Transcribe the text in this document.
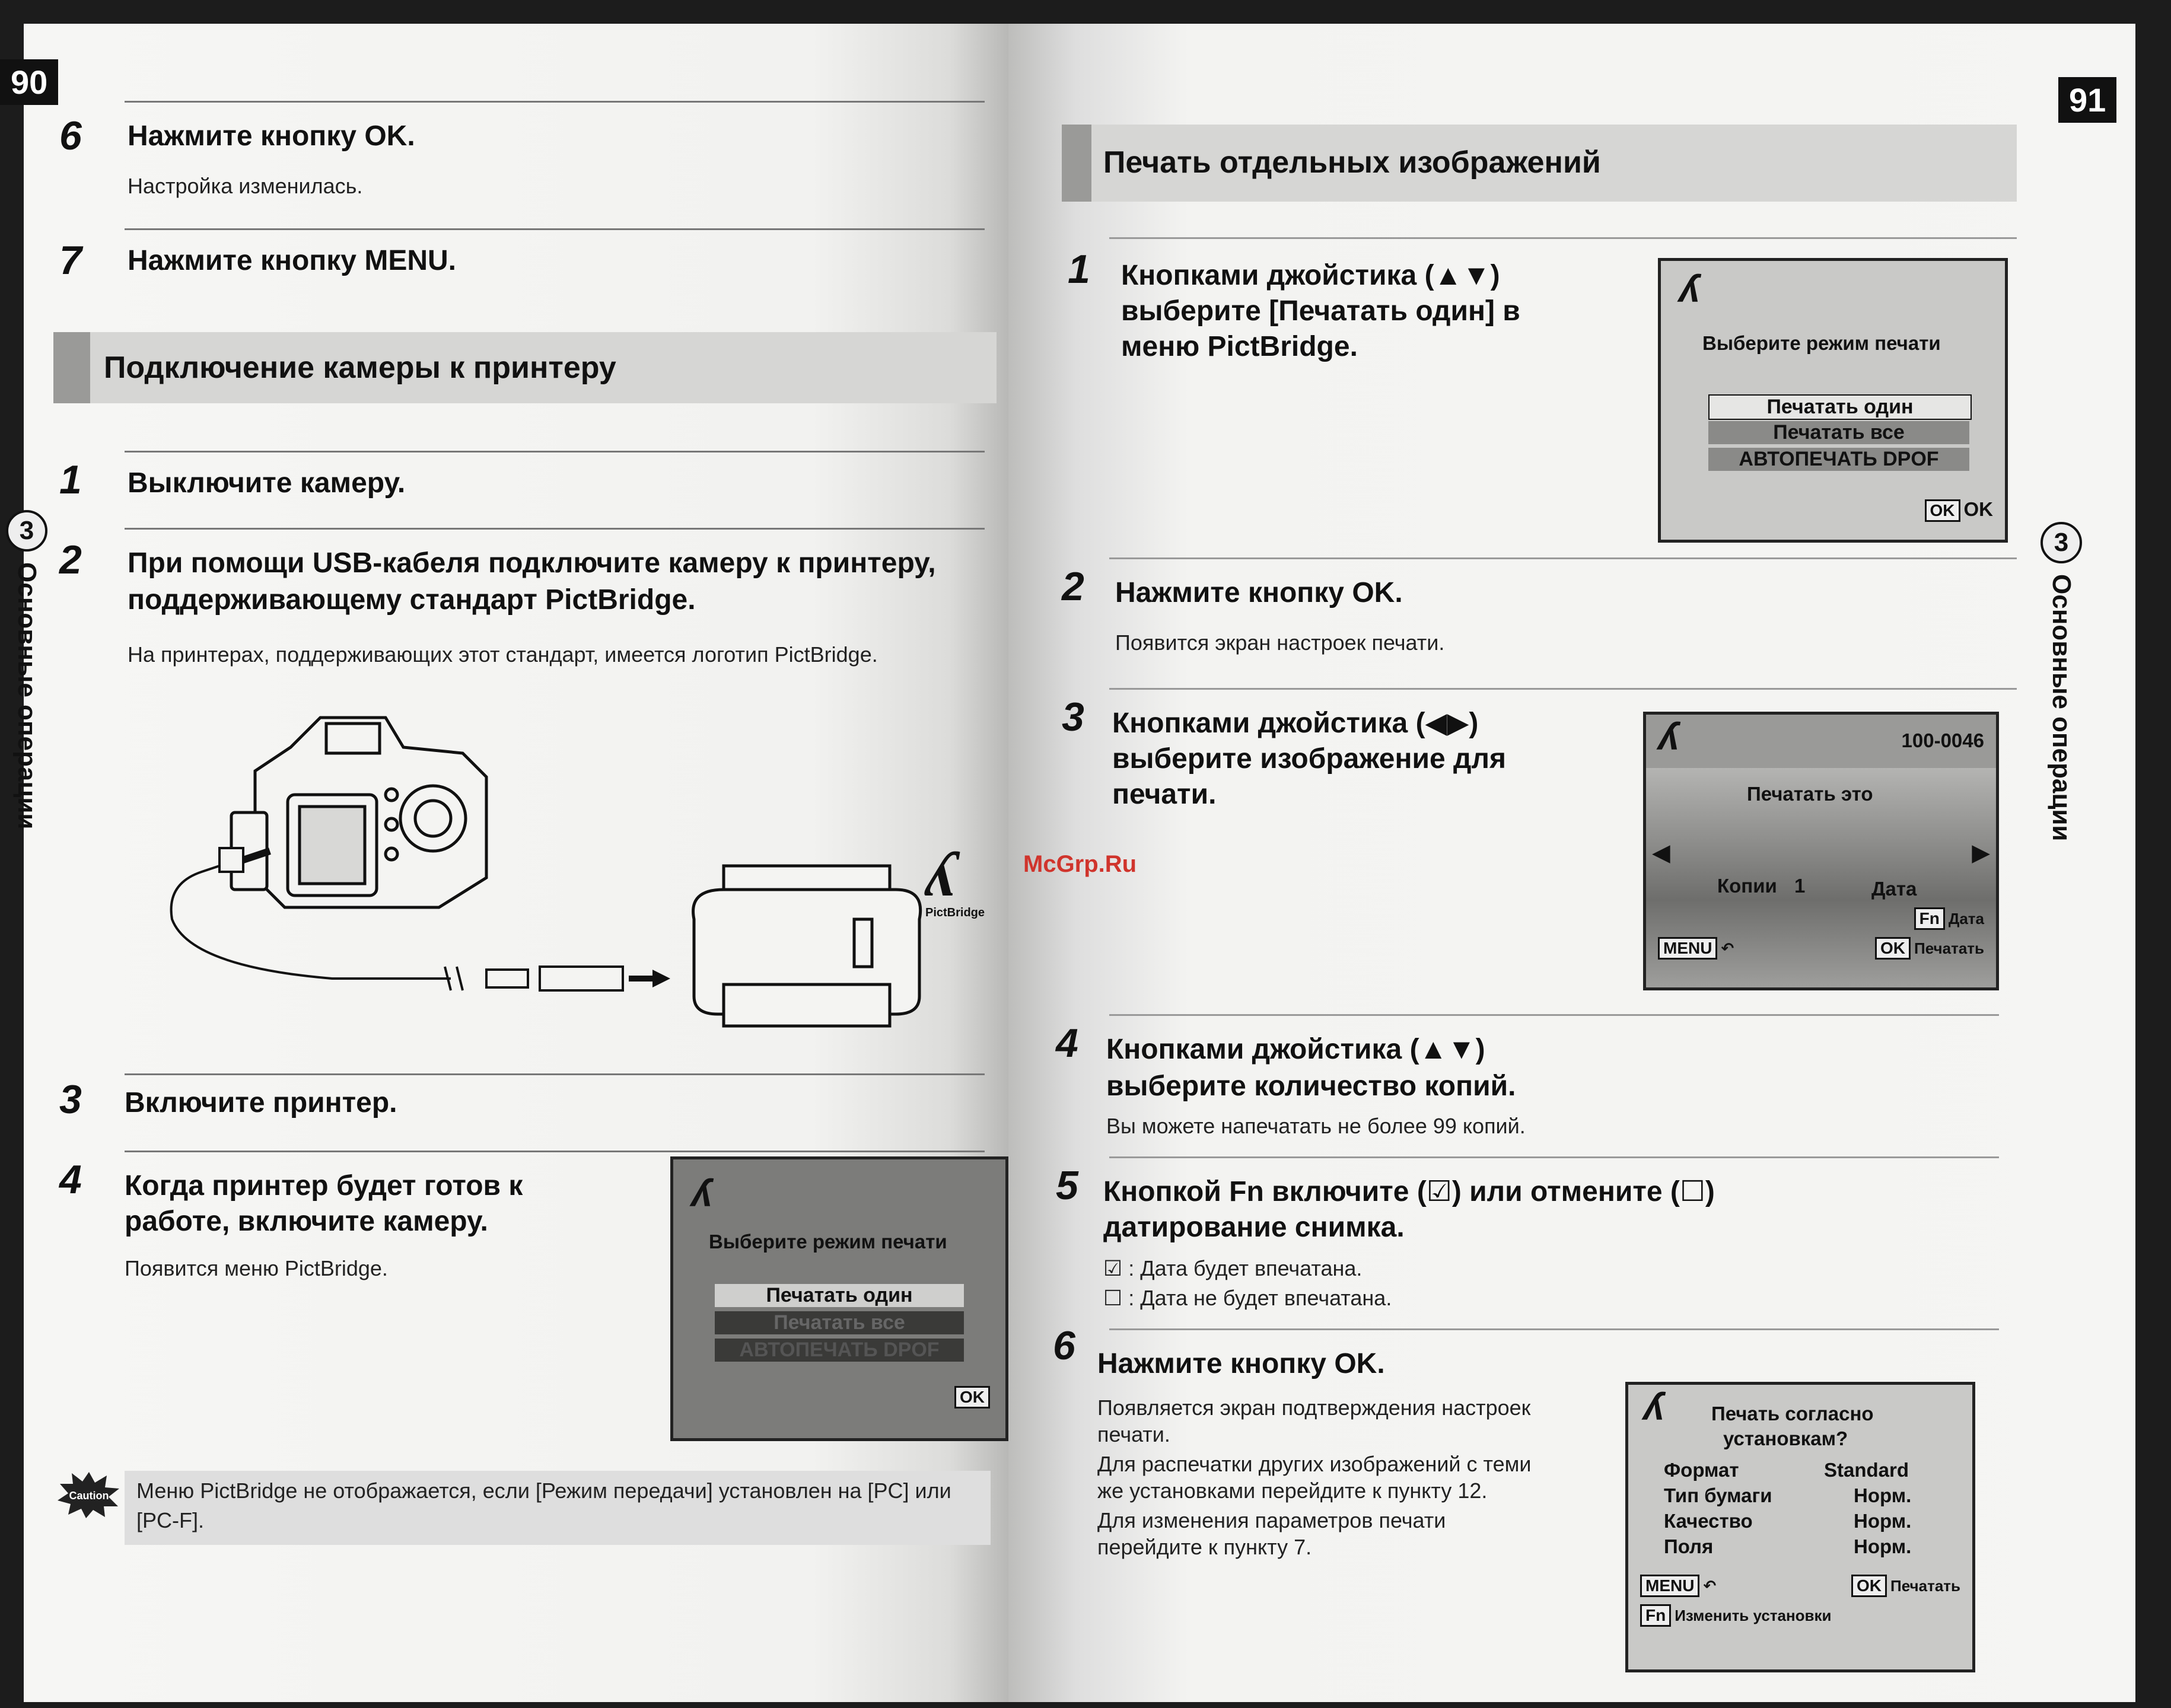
90
3
Основные операции
6 Нажмите кнопку OK.
Настройка изменилась.
7 Нажмите кнопку MENU.
Подключение камеры к принтеру
1 Выключите камеру.
2 При помощи USB-кабеля подключите камеру к принтеру,
поддерживающему стандарт PictBridge.
На принтерах, поддерживающих этот стандарт, имеется логотип PictBridge.
ʎ
PictBridge
3 Включите принтер.
4 Когда принтер будет готов к
работе, включите камеру.
Появится меню PictBridge.
ʎ
Выберите режим печати
Печатать один
Печатать все
АВТОПЕЧАТЬ DPOF
OK
Caution Меню PictBridge не отображается, если [Режим передачи] установлен на [PC] или
[PC-F].
91
3
Основные операции
Печать отдельных изображений
1 Кнопками джойстика (▲▼)
выберите [Печатать один] в
меню PictBridge.
ʎ
Выберите режим печати
Печатать один
Печатать все
АВТОПЕЧАТЬ DPOF
OK OK
2 Нажмите кнопку OK.
Появится экран настроек печати.
3 Кнопками джойстика (◀▶)
выберите изображение для
печати.
ʎ	100-0046
Печатать это
◀	▶
Копии 1	Дата
Fn Дата
MENU ↶	OK Печатать
McGrp.Ru
4 Кнопками джойстика (▲▼)
выберите количество копий.
Вы можете напечатать не более 99 копий.
5 Кнопкой Fn включите (☑) или отмените (☐)
датирование снимка.
☑ : Дата будет впечатана.
☐ : Дата не будет впечатана.
6 Нажмите кнопку OK.
Появляется экран подтверждения настроек
печати.
Для распечатки других изображений с теми
же установками перейдите к пункту 12.
Для изменения параметров печати
перейдите к пункту 7.
ʎ Печать согласно
установкам?
Формат	Standard
Тип бумаги	Норм.
Качество	Норм.
Поля	Норм.
MENU ↶	OK Печатать
Fn Изменить установки
